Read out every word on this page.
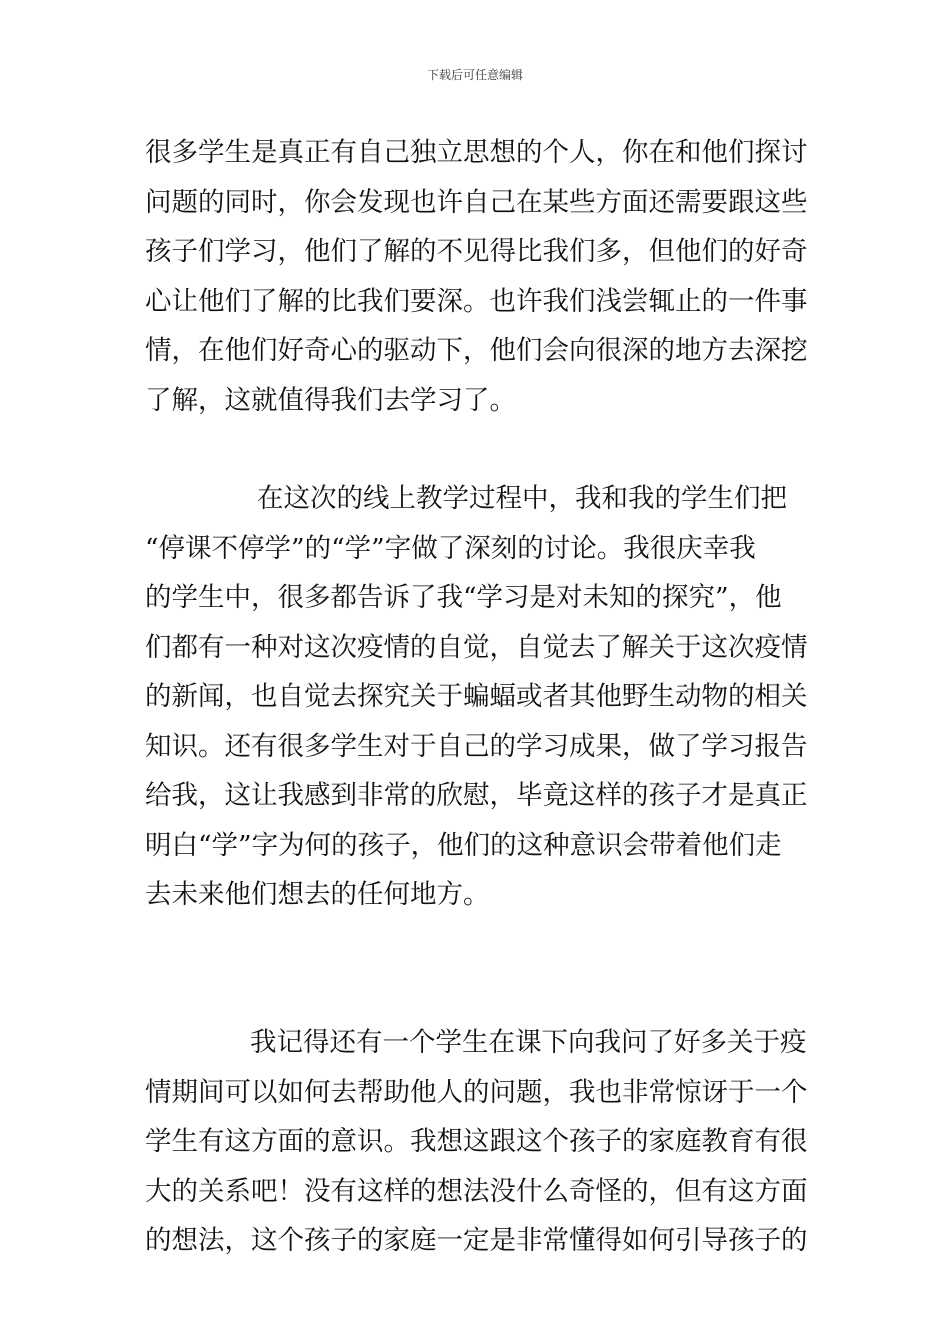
下载后可任意编辑
很多学生是真正有自己独立思想的个人，你在和他们探讨
问题的同时，你会发现也许自己在某些方面还需要跟这些
孩子们学习，他们了解的不见得比我们多，但他们的好奇
心让他们了解的比我们要深。也许我们浅尝辄止的一件事
情，在他们好奇心的驱动下，他们会向很深的地方去深挖
了解，这就值得我们去学习了。
在这次的线上教学过程中，我和我的学生们把
“停课不停学”的“学”字做了深刻的讨论。我很庆幸我
的学生中，很多都告诉了我“学习是对未知的探究”，他
们都有一种对这次疫情的自觉，自觉去了解关于这次疫情
的新闻，也自觉去探究关于蝙蝠或者其他野生动物的相关
知识。还有很多学生对于自己的学习成果，做了学习报告
给我，这让我感到非常的欣慰，毕竟这样的孩子才是真正
明白“学”字为何的孩子，他们的这种意识会带着他们走
去未来他们想去的任何地方。
我记得还有一个学生在课下向我问了好多关于疫
情期间可以如何去帮助他人的问题，我也非常惊讶于一个
学生有这方面的意识。我想这跟这个孩子的家庭教育有很
大的关系吧！没有这样的想法没什么奇怪的，但有这方面
的想法，这个孩子的家庭一定是非常懂得如何引导孩子的
